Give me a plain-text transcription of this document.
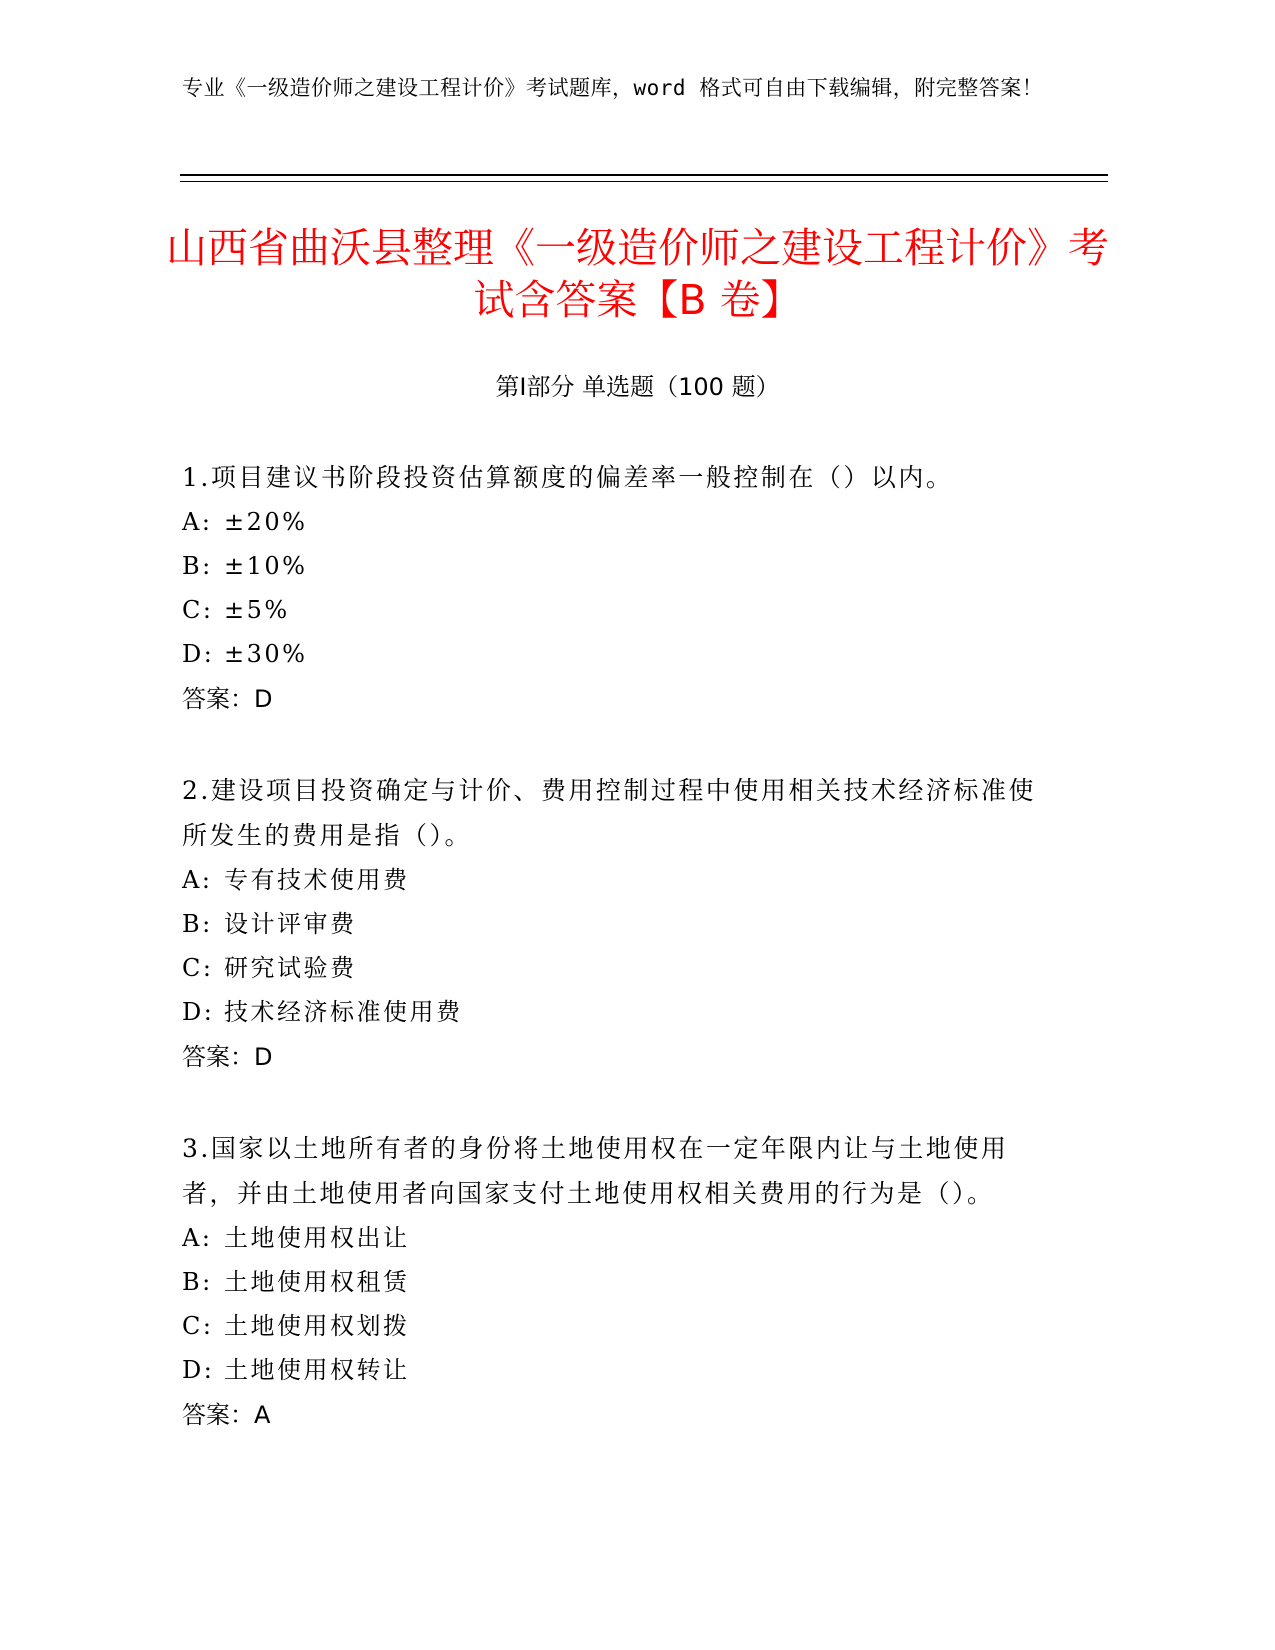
专业《一级造价师之建设工程计价》考试题库，word 格式可自由下载编辑，附完整答案！
山西省曲沃县整理《一级造价师之建设工程计价》考试含答案【B 卷】
第Ⅰ部分 单选题（100 题）
1.项目建议书阶段投资估算额度的偏差率一般控制在（）以内。
A: ±20%
B: ±10%
C: ±5%
D: ±30%
答案：D
2.建设项目投资确定与计价、费用控制过程中使用相关技术经济标准使所发生的费用是指（）。
A: 专有技术使用费
B: 设计评审费
C: 研究试验费
D: 技术经济标准使用费
答案：D
3.国家以土地所有者的身份将土地使用权在一定年限内让与土地使用者，并由土地使用者向国家支付土地使用权相关费用的行为是（）。
A: 土地使用权出让
B: 土地使用权租赁
C: 土地使用权划拨
D: 土地使用权转让
答案：A
